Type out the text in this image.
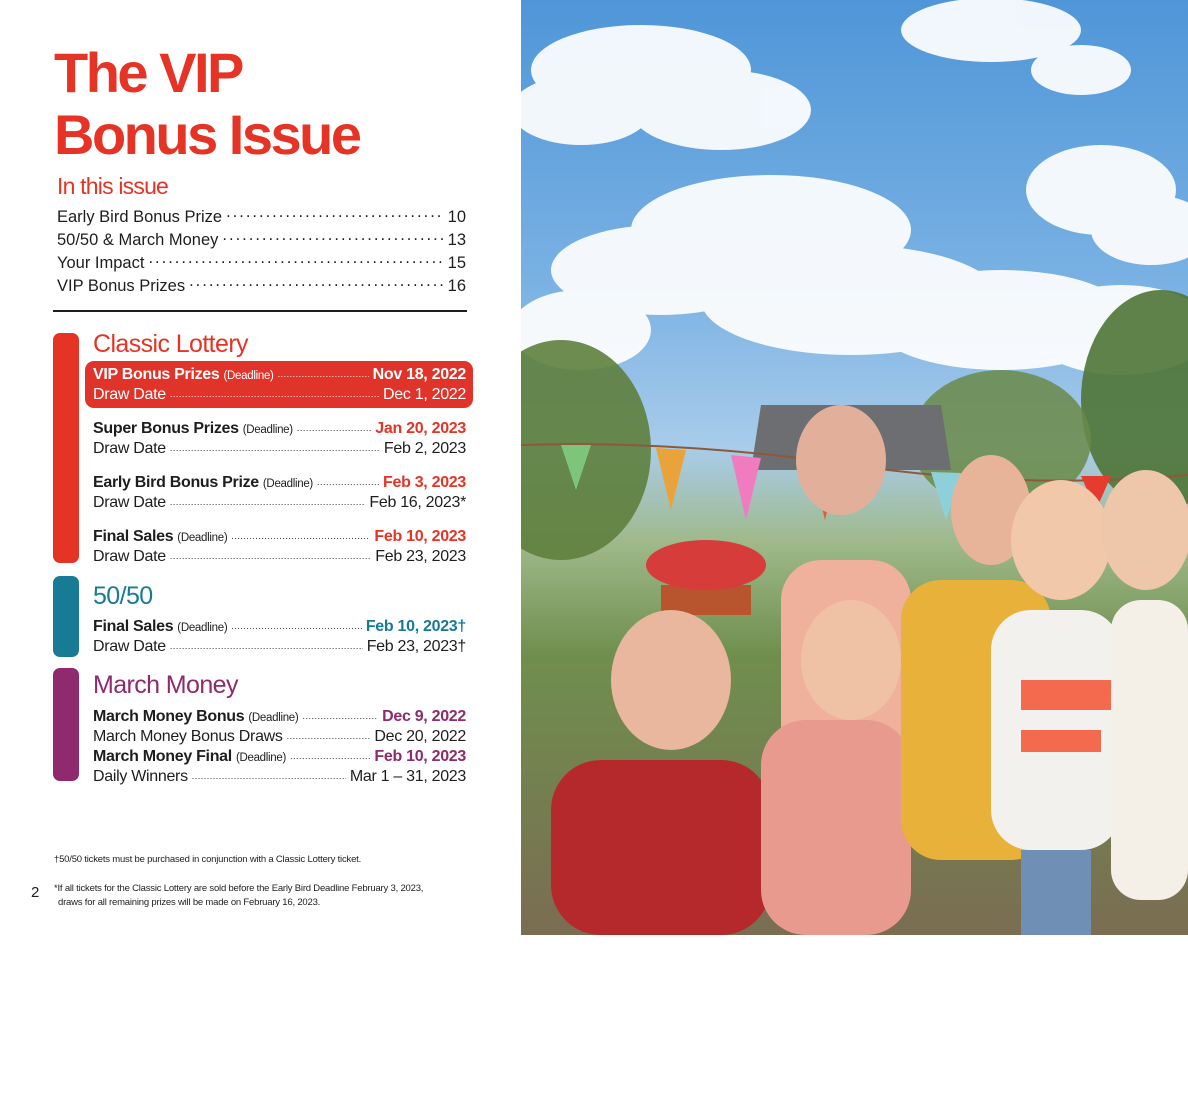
The VIP
Bonus Issue
In this issue
Early Bird Bonus Prize .....	10
50/50 & March Money .....	13
Your Impact .....	15
VIP Bonus Prizes .....	16
Classic Lottery
VIP Bonus Prizes (Deadline) .....	Nov 18, 2022
Draw Date .....	Dec 1, 2022
Super Bonus Prizes (Deadline) .....	Jan 20, 2023
Draw Date .....	Feb 2, 2023
Early Bird Bonus Prize (Deadline) .....	Feb 3, 2023
Draw Date .....	Feb 16, 2023*
Final Sales (Deadline) .....	Feb 10, 2023
Draw Date .....	Feb 23, 2023
50/50
Final Sales (Deadline) .....	Feb 10, 2023†
Draw Date .....	Feb 23, 2023†
March Money
March Money Bonus (Deadline) .....	Dec 9, 2022
March Money Bonus Draws .....	Dec 20, 2022
March Money Final (Deadline) .....	Feb 10, 2023
Daily Winners .....	Mar 1 – 31, 2023
†50/50 tickets must be purchased in conjunction with a Classic Lottery ticket.
2 *If all tickets for the Classic Lottery are sold before the Early Bird Deadline February 3, 2023,
draws for all remaining prizes will be made on February 16, 2023.
